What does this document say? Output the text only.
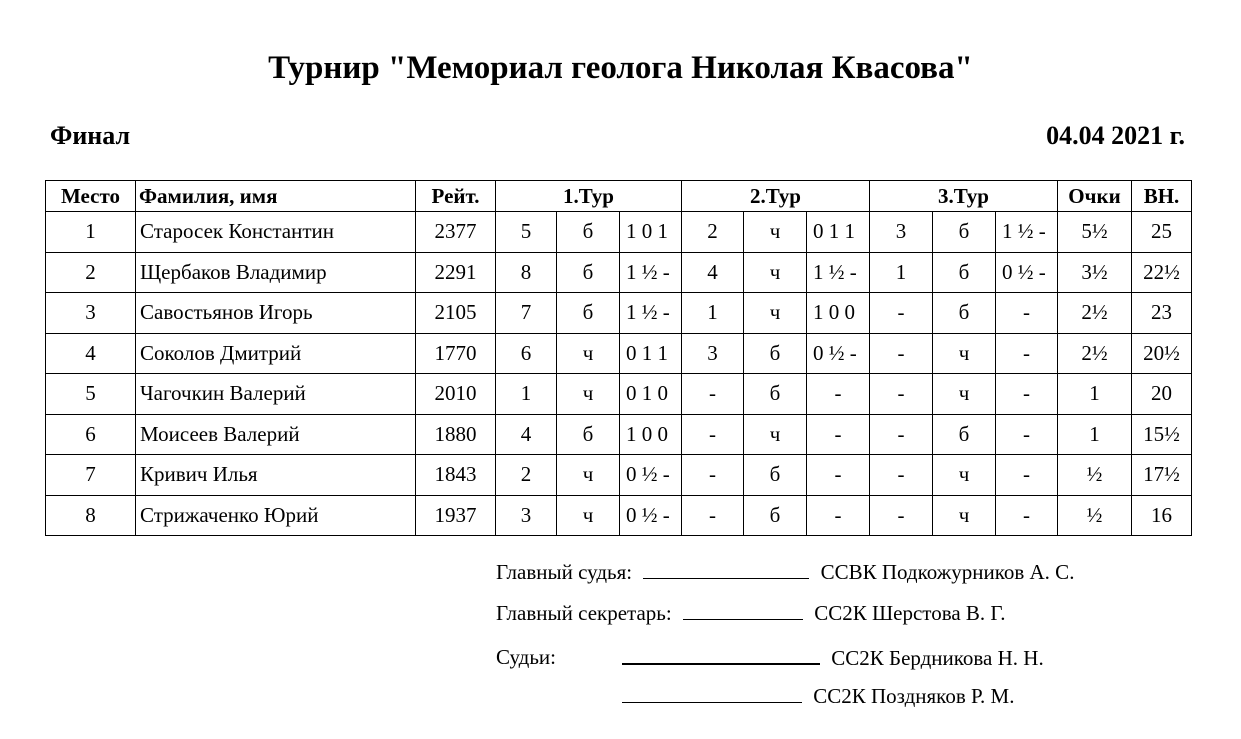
Турнир "Мемориал геолога Николая Квасова"
Финал	04.04 2021 г.
Место	Фамилия, имя	Рейт.	1.Тур			2.Тур			3.Тур			Очки	ВН.
1	Старосек Константин	2377	5	б	1 0 1	2	ч	0 1 1	3	б	1 ½ -	5½	25
2	Щербаков Владимир	2291	8	б	1 ½ -	4	ч	1 ½ -	1	б	0 ½ -	3½	22½
3	Савостьянов Игорь	2105	7	б	1 ½ -	1	ч	1 0 0	-	б	-	2½	23
4	Соколов Дмитрий	1770	6	ч	0 1 1	3	б	0 ½ -	-	ч	-	2½	20½
5	Чагочкин Валерий	2010	1	ч	0 1 0	-	б	-	-	ч	-	1	20
6	Моисеев Валерий	1880	4	б	1 0 0	-	ч	-	-	б	-	1	15½
7	Кривич Илья	1843	2	ч	0 ½ -	-	б	-	-	ч	-	½	17½
8	Стрижаченко Юрий	1937	3	ч	0 ½ -	-	б	-	-	ч	-	½	16
Главный судья:	ССВК Подкожурников А. С.
Главный секретарь:	СС2К Шерстова В. Г.
Судьи:	СС2К Бердникова Н. Н.
СС2К Поздняков Р. М.
